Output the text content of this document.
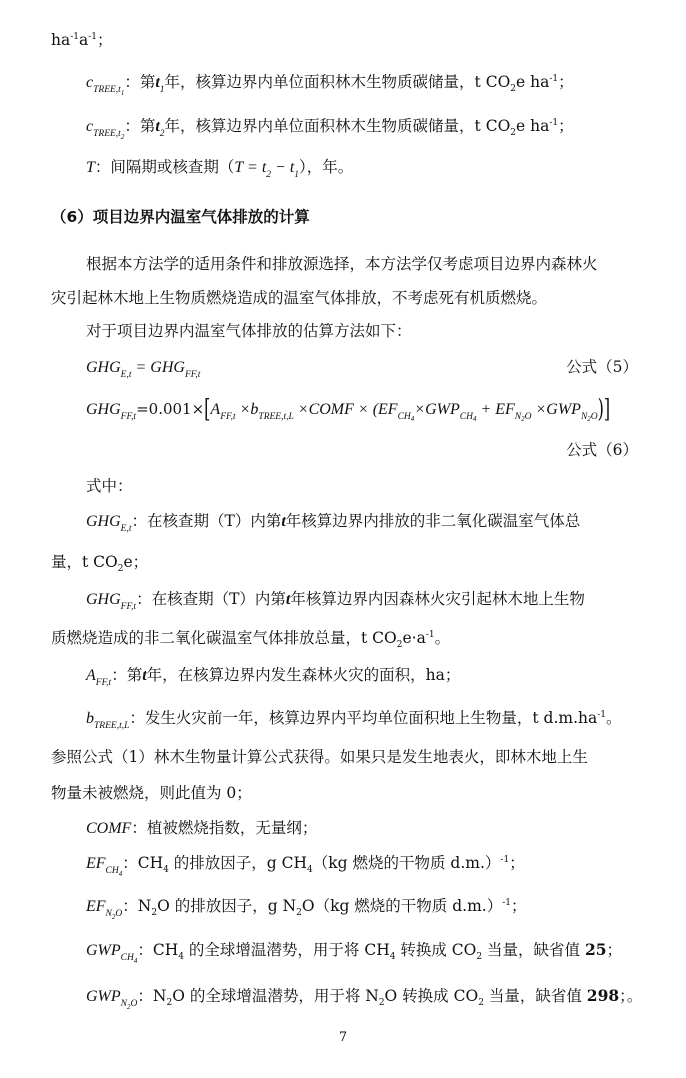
$ha^{-1}a^{-1}$；
$c_{TREE,t1}$：第$t_1$年，核算边界内单位面积林木生物质碳储量，t $CO_2e$ $ha^{-1}$；
$c_{TREE,t2}$：第$t_2$年，核算边界内单位面积林木生物质碳储量，t $CO_2e$ $ha^{-1}$；
T：间隔期或核查期$(T = t_2 - t_1)$，年。
（6）项目边界内温室气体排放的计算
根据本方法学的适用条件和排放源选择，本方法学仅考虑项目边界内森林火
灾引起林木地上生物质燃烧造成的温室气体排放，不考虑死有机质燃烧。
对于项目边界内温室气体排放的估算方法如下：
$GHG_{E,t} = GHG_{FF,t}$	公式（5）
$GHG_{FF,t}=0.001\times[A_{FF,t} \times b_{TREE,t,L}$ ×COMF × $(EF_{CH4}\times GWP_{CH4} + EF_{N2O} \times GWP_{N2O})$]
公式（6）
式中：
$GHG_{E,t}$：在核查期（T）内第t年核算边界内排放的非二氧化碳温室气体总
量，t $CO_2e$；
$GHG_{FF,t}$：在核查期（T）内第t年核算边界内因森林火灾引起林木地上生物
质燃烧造成的非二氧化碳温室气体排放总量，t $CO_2e\cdot a^{-1}$。
$A_{FF,t}$：第t年，在核算边界内发生森林火灾的面积，ha；
$b_{TREE,t,L}$：发生火灾前一年，核算边界内平均单位面积地上生物量，t $d.m.ha^{-1}$。
参照公式（1）林木生物量计算公式获得。如果只是发生地表火，即林木地上生
物量未被燃烧，则此值为 0；
COMF：植被燃烧指数，无量纲；
$EF_{CH4}$：$CH_4$ 的排放因子，g $CH_4(kg$ 燃烧的干物质 d.m.）$^{-1}$；
$EF_{N2O}$：$N_2O$ 的排放因子，g $N_2O(kg$ 燃烧的干物质 d.m.）$^{-1}$；
$GWP_{CH4}$：$CH_4$ 的全球增温潜势，用于将 $CH_4$ 转换成 $CO_2$ 当量，缺省值 25；
$GWP_{N2O}$：$N_2O$ 的全球增温潜势，用于将 $N_2O$ 转换成 $CO_2$ 当量，缺省值 298；。
7
